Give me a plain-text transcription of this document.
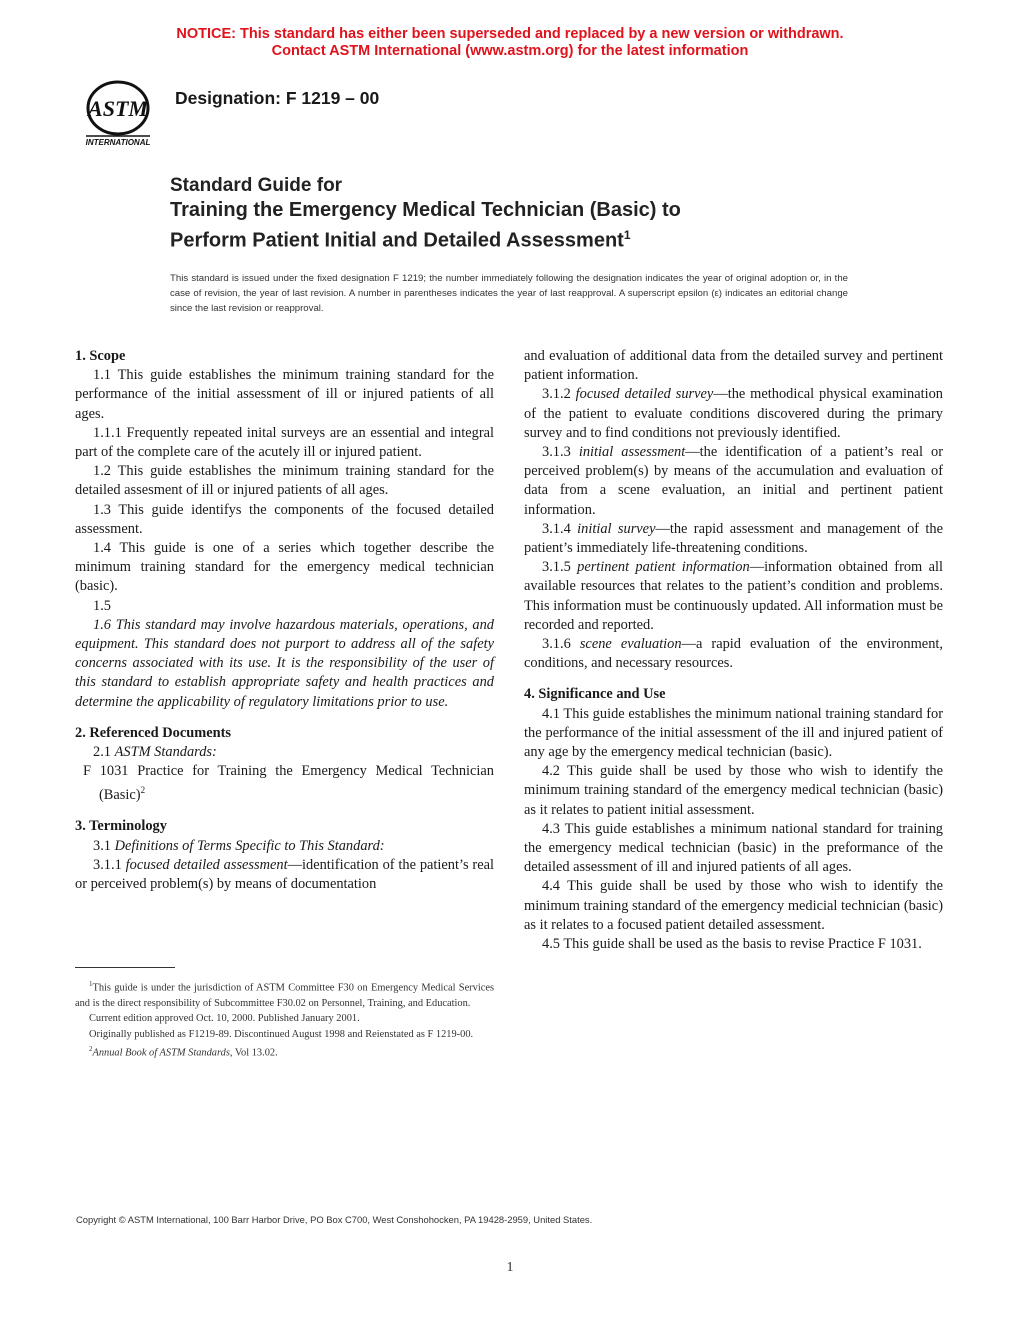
NOTICE: This standard has either been superseded and replaced by a new version or withdrawn.
Contact ASTM International (www.astm.org) for the latest information
ASTM
INTERNATIONAL
Designation: F 1219 – 00
Standard Guide for
Training the Emergency Medical Technician (Basic) to
Perform Patient Initial and Detailed Assessment$^1$
This standard is issued under the fixed designation F 1219; the number immediately following the designation indicates the year of original adoption or, in the case of revision, the year of last revision. A number in parentheses indicates the year of last reapproval. A superscript epsilon (ε) indicates an editorial change since the last revision or reapproval.
1. Scope

1.1 This guide establishes the minimum training standard for the performance of the initial assessment of ill or injured patients of all ages.

1.1.1 Frequently repeated inital surveys are an essential and integral part of the complete care of the acutely ill or injured patient.

1.2 This guide establishes the minimum training standard for the detailed assesment of ill or injured patients of all ages.

1.3 This guide identifys the components of the focused detailed assessment.

1.4 This guide is one of a series which together describe the minimum training standard for the emergency medical technician (basic).

1.5

1.6 This standard may involve hazardous materials, operations, and equipment. This standard does not purport to address all of the safety concerns associated with its use. It is the responsibility of the user of this standard to establish appropriate safety and health practices and determine the applicability of regulatory limitations prior to use.

2. Referenced Documents

2.1 ASTM Standards:

F 1031 Practice for Training the Emergency Medical Technician (Basic)$^2$

3. Terminology

3.1 Definitions of Terms Specific to This Standard:

3.1.1 focused detailed assessment—identification of the patient’s real or perceived problem(s) by means of documentation

and evaluation of additional data from the detailed survey and pertinent patient information.

3.1.2 focused detailed survey—the methodical physical examination of the patient to evaluate conditions discovered during the primary survey and to find conditions not previously identified.

3.1.3 initial assessment—the identification of a patient’s real or perceived problem(s) by means of the accumulation and evaluation of data from a scene evaluation, an initial and pertinent patient information.

3.1.4 initial survey—the rapid assessment and management of the patient’s immediately life-threatening conditions.

3.1.5 pertinent patient information—information obtained from all available resources that relates to the patient’s condition and problems. This information must be continuously updated. All information must be recorded and reported.

3.1.6 scene evaluation—a rapid evaluation of the environment, conditions, and necessary resources.

4. Significance and Use

4.1 This guide establishes the minimum national training standard for the performance of the initial assessment of the ill and injured patient of any age by the emergency medical technician (basic).

4.2 This guide shall be used by those who wish to identify the minimum training standard of the emergency medical technician (basic) as it relates to patient initial assessment.

4.3 This guide establishes a minimum national standard for training the emergency medical technician (basic) in the preformance of the detailed assessment of ill and injured patients of all ages.

4.4 This guide shall be used by those who wish to identify the minimum training standard of the emergency medicial technician (basic) as it relates to a focused patient detailed assessment.

4.5 This guide shall be used as the basis to revise Practice F 1031.

$^1$This guide is under the jurisdiction of ASTM Committee F30 on Emergency Medical Services and is the direct responsibility of Subcommittee F30.02 on Personnel, Training, and Education.

Current edition approved Oct. 10, 2000. Published January 2001.

Originally published as F1219-89. Discontinued August 1998 and Reienstated as F 1219-00.

$^2$Annual Book of ASTM Standards, Vol 13.02.

Copyright © ASTM International, 100 Barr Harbor Drive, PO Box C700, West Conshohocken, PA 19428-2959, United States.
1
